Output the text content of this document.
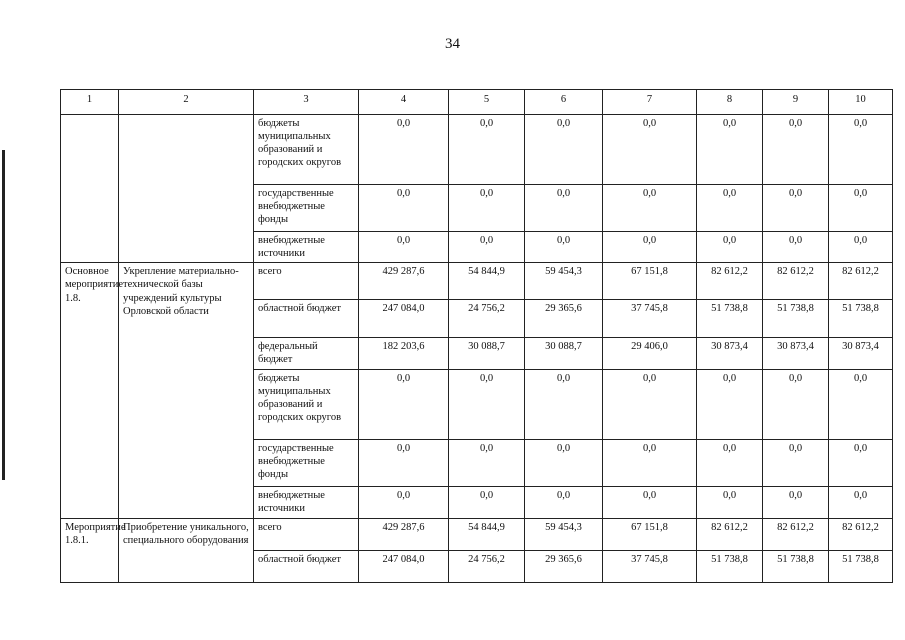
34
1	2	3	4	5	6	7	8	9	10
		бюджеты муниципальных образований и городских округов	0,0	0,0	0,0	0,0	0,0	0,0	0,0
		государственные внебюджетные фонды	0,0	0,0	0,0	0,0	0,0	0,0	0,0
		внебюджетные источники	0,0	0,0	0,0	0,0	0,0	0,0	0,0
Основное мероприятие 1.8.	Укрепление материально-технической базы учреждений культуры Орловской области	всего	429 287,6	54 844,9	59 454,3	67 151,8	82 612,2	82 612,2	82 612,2
		областной бюджет	247 084,0	24 756,2	29 365,6	37 745,8	51 738,8	51 738,8	51 738,8
		федеральный бюджет	182 203,6	30 088,7	30 088,7	29 406,0	30 873,4	30 873,4	30 873,4
		бюджеты муниципальных образований и городских округов	0,0	0,0	0,0	0,0	0,0	0,0	0,0
		государственные внебюджетные фонды	0,0	0,0	0,0	0,0	0,0	0,0	0,0
		внебюджетные источники	0,0	0,0	0,0	0,0	0,0	0,0	0,0
Мероприятие 1.8.1.	Приобретение уникального, специального оборудования	всего	429 287,6	54 844,9	59 454,3	67 151,8	82 612,2	82 612,2	82 612,2
		областной бюджет	247 084,0	24 756,2	29 365,6	37 745,8	51 738,8	51 738,8	51 738,8
